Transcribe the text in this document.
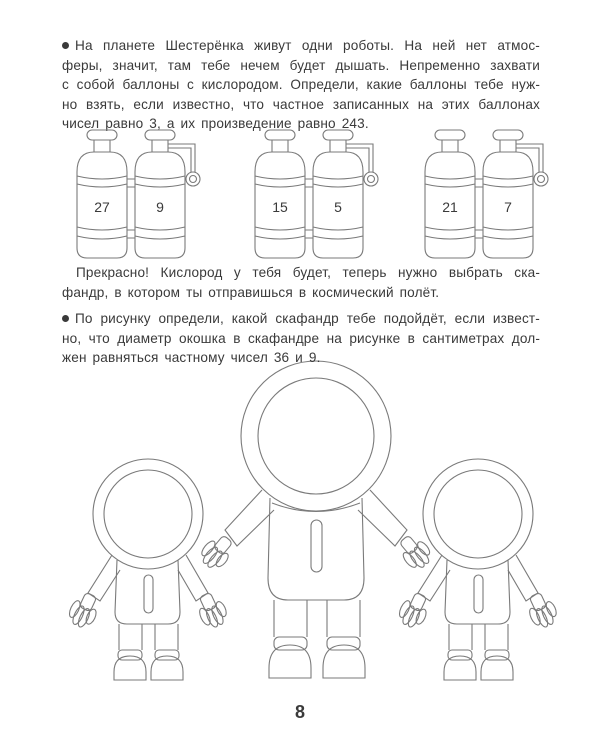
На планете Шестерёнка живут одни роботы. На ней нет атмос-
феры, значит, там тебе нечем будет дышать. Непременно захвати
с собой баллоны с кислородом. Определи, какие баллоны тебе нуж-
но взять, если известно, что частное записанных на этих баллонах
чисел равно 3, а их произведение равно 243.
27	9	15	5	21	7
Прекрасно! Кислород у тебя будет, теперь нужно выбрать ска-
фандр, в котором ты отправишься в космический полёт.
По рисунку определи, какой скафандр тебе подойдёт, если извест-
но, что диаметр окошка в скафандре на рисунке в сантиметрах дол-
жен равняться частному чисел 36 и 9.
8
